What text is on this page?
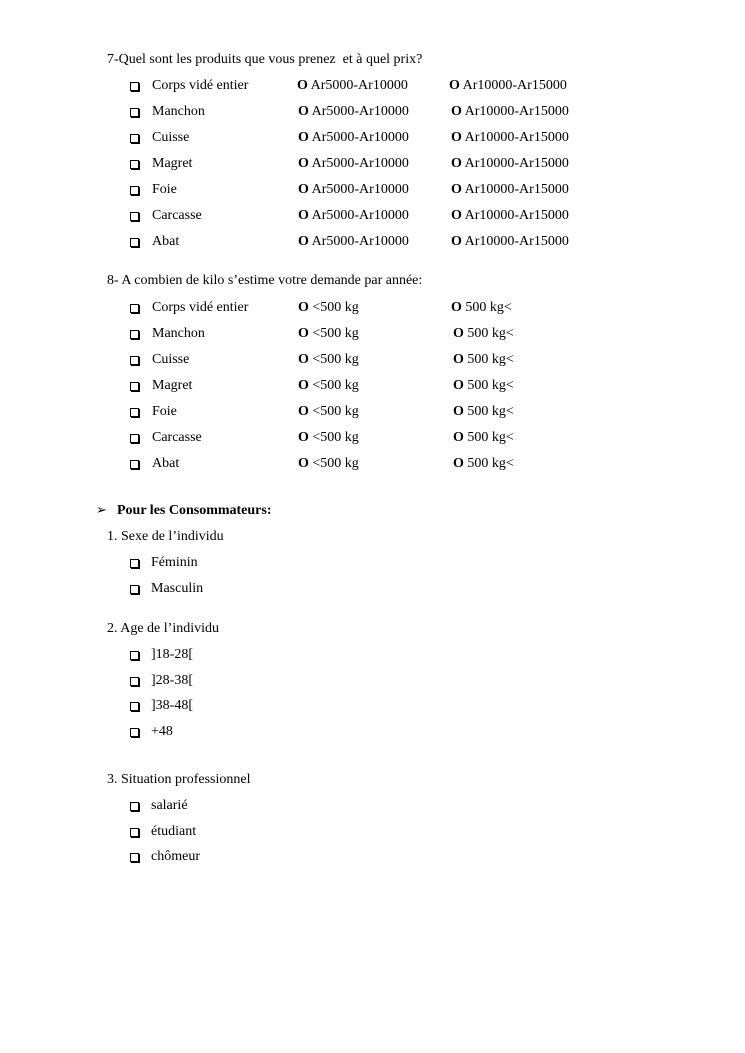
7-Quel sont les produits que vous prenez  et à quel prix?
Corps vidé entier	O Ar5000-Ar10000	O Ar10000-Ar15000
Manchon	O Ar5000-Ar10000	O Ar10000-Ar15000
Cuisse	O Ar5000-Ar10000	O Ar10000-Ar15000
Magret	O Ar5000-Ar10000	O Ar10000-Ar15000
Foie	O Ar5000-Ar10000	O Ar10000-Ar15000
Carcasse	O Ar5000-Ar10000	O Ar10000-Ar15000
Abat	O Ar5000-Ar10000	O Ar10000-Ar15000
8- A combien de kilo s’estime votre demande par année:
Corps vidé entier	O <500 kg	O 500 kg<
Manchon	O <500 kg	O 500 kg<
Cuisse	O <500 kg	O 500 kg<
Magret	O <500 kg	O 500 kg<
Foie	O <500 kg	O 500 kg<
Carcasse	O <500 kg	O 500 kg<
Abat	O <500 kg	O 500 kg<
➢ Pour les Consommateurs:
1. Sexe de l’individu
Féminin
Masculin
2. Age de l’individu
]18-28[
]28-38[
]38-48[
+48
3. Situation professionnel
salarié
étudiant
chômeur
